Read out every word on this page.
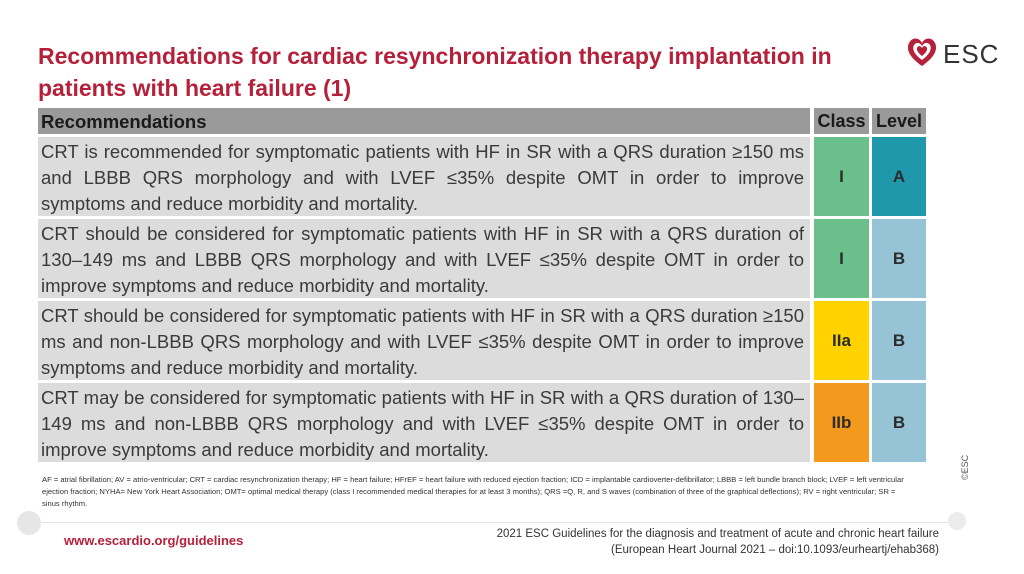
Recommendations for cardiac resynchronization therapy implantation in patients with heart failure (1)
ESC
Recommendations	Class Level
CRT is recommended for symptomatic patients with HF in SR with a QRS duration ≥150 ms and LBBB QRS morphology and with LVEF ≤35% despite OMT in order to improve symptoms and reduce morbidity and mortality.
I	A
CRT should be considered for symptomatic patients with HF in SR with a QRS duration of 130–149 ms and LBBB QRS morphology and with LVEF ≤35% despite OMT in order to improve symptoms and reduce morbidity and mortality.
I	B
CRT should be considered for symptomatic patients with HF in SR with a QRS duration ≥150 ms and non-LBBB QRS morphology and with LVEF ≤35% despite OMT in order to improve symptoms and reduce morbidity and mortality.
IIa	B
CRT may be considered for symptomatic patients with HF in SR with a QRS duration of 130–149 ms and non-LBBB QRS morphology and with LVEF ≤35% despite OMT in order to improve symptoms and reduce morbidity and mortality.
IIb	B
AF = atrial fibrillation; AV = atrio-ventricular; CRT = cardiac resynchronization therapy; HF = heart failure; HFrEF = heart failure with reduced ejection fraction; ICD = implantable cardioverter-defibrillator; LBBB = left bundle branch block; LVEF = left ventricular ejection fraction; NYHA= New York Heart Association; OMT= optimal medical therapy (class I recommended medical therapies for at least 3 months); QRS =Q, R, and S waves (combination of three of the graphical deflections); RV = right ventricular; SR = sinus rhythm.
©ESC
www.escardio.org/guidelines	2021 ESC Guidelines for the diagnosis and treatment of acute and chronic heart failure
(European Heart Journal 2021 – doi:10.1093/eurheartj/ehab368)
